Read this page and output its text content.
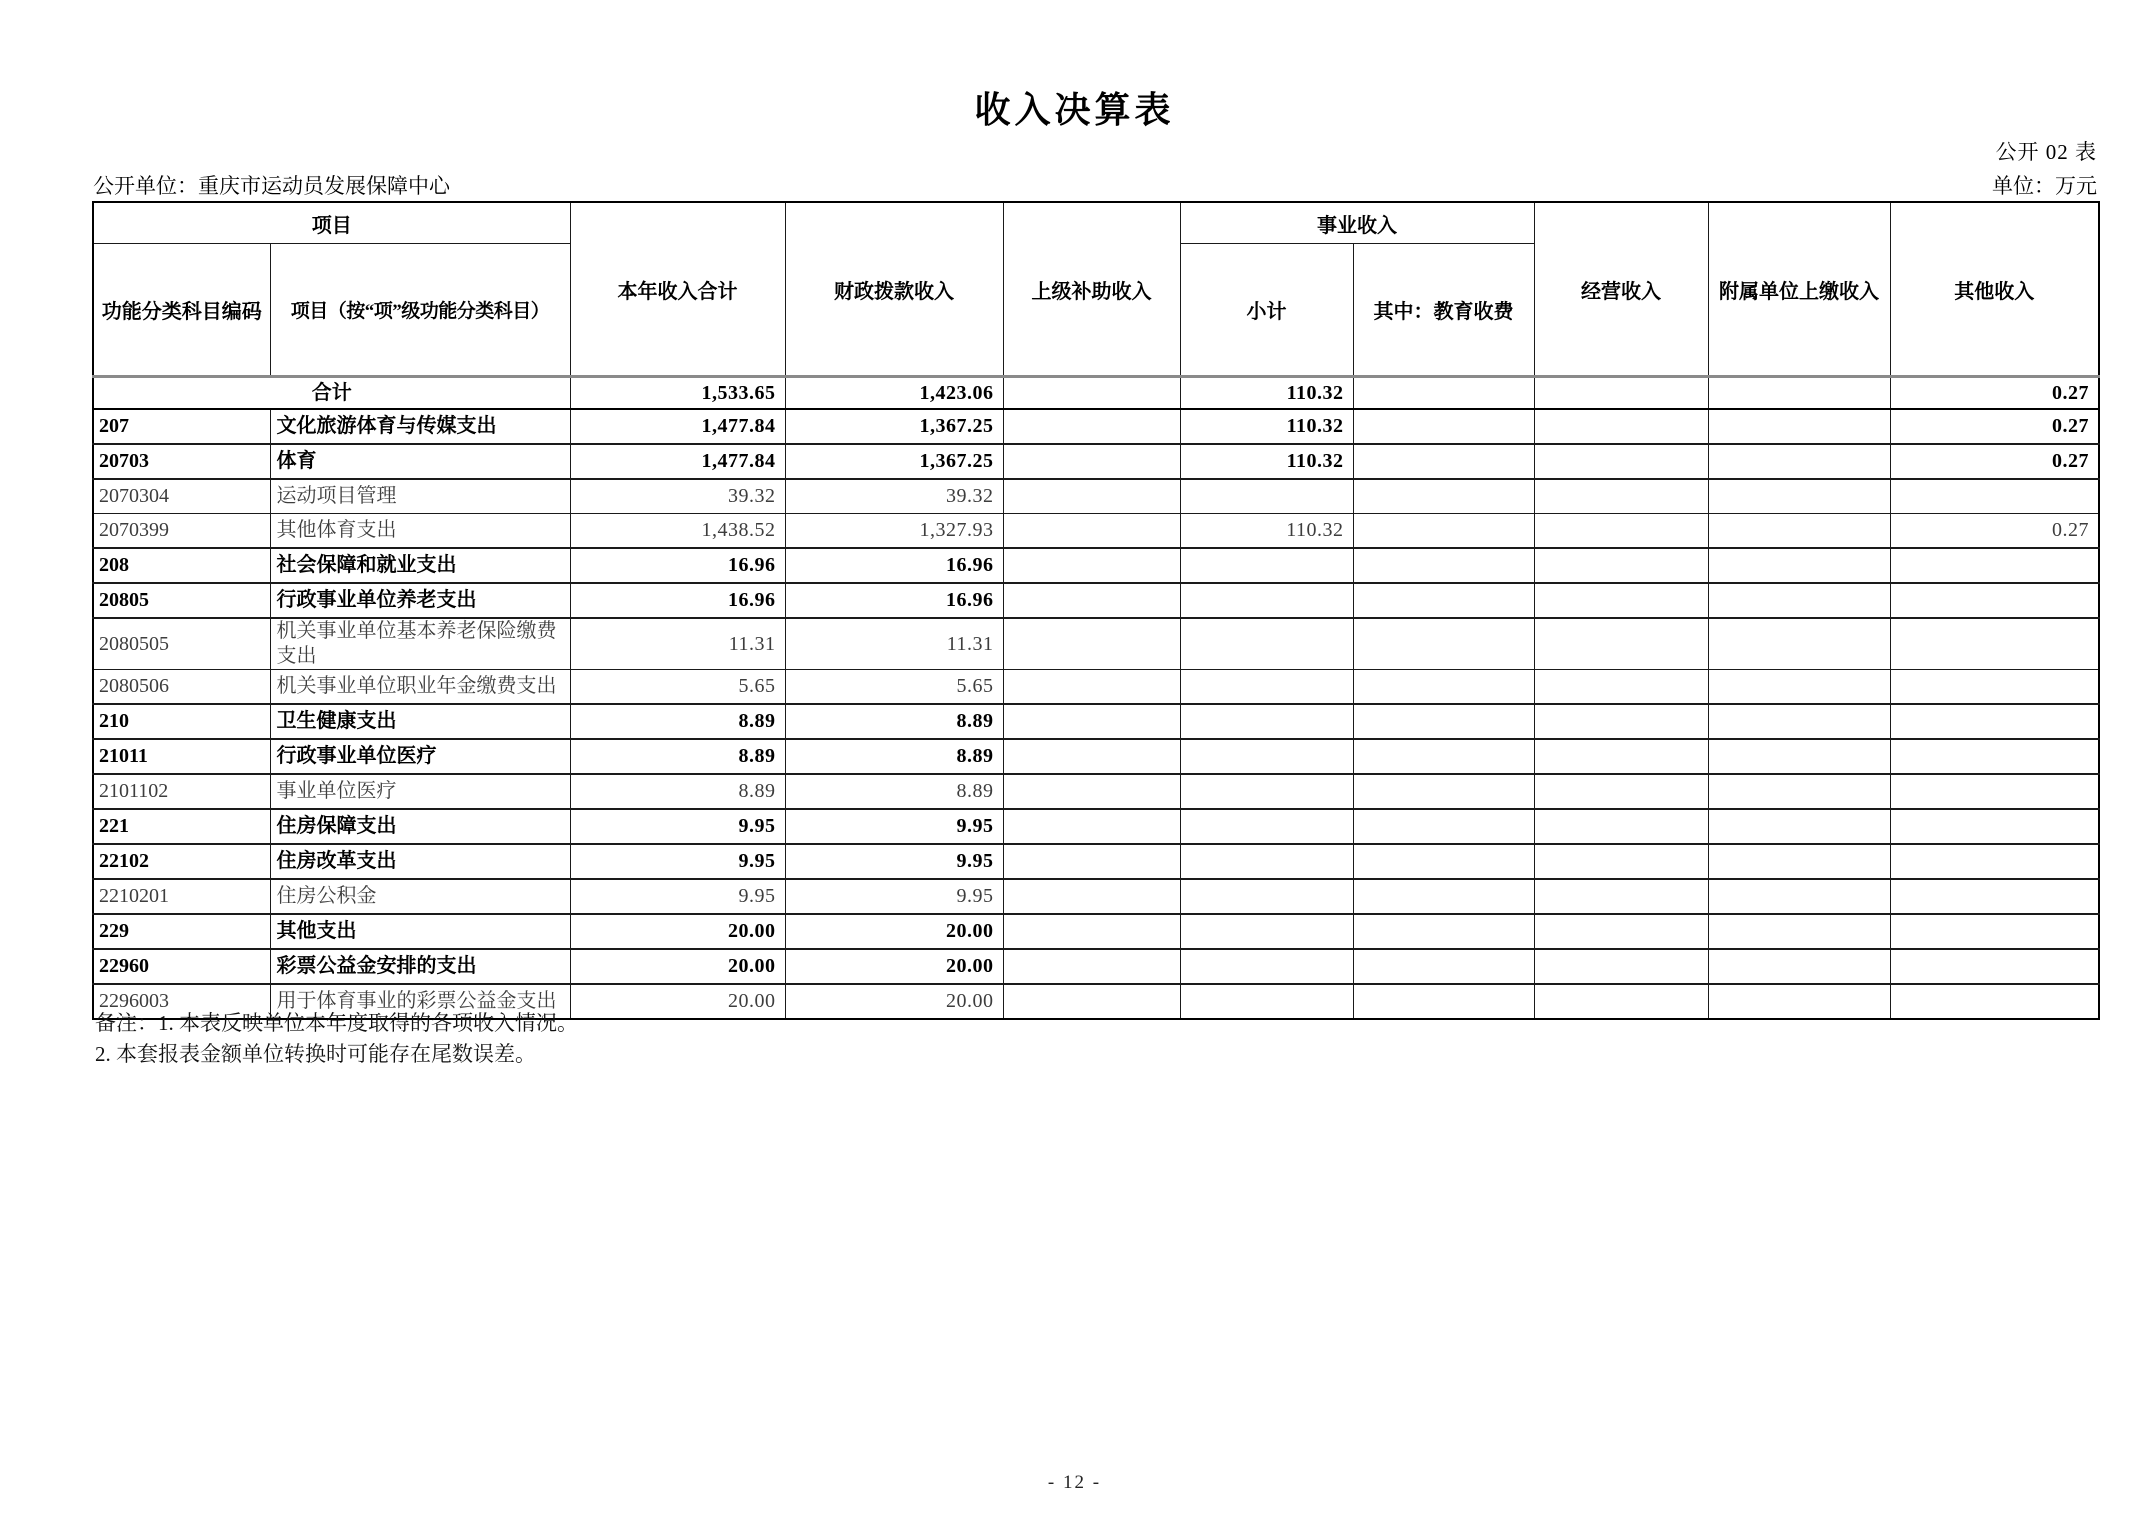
收入决算表
公开 02 表
公开单位：重庆市运动员发展保障中心	单位：万元
项目		本年收入合计	财政拨款收入	上级补助收入	事业收入		经营收入	附属单位上缴收入	其他收入
功能分类科目编码	项目（按“项”级功能分类科目）				小计	其中：教育收费			
合计		1,533.65	1,423.06		110.32				0.27
207	文化旅游体育与传媒支出	1,477.84	1,367.25		110.32				0.27
20703	体育	1,477.84	1,367.25		110.32				0.27
2070304	运动项目管理	39.32	39.32						
2070399	其他体育支出	1,438.52	1,327.93		110.32				0.27
208	社会保障和就业支出	16.96	16.96						
20805	行政事业单位养老支出	16.96	16.96						
2080505	机关事业单位基本养老保险缴费支出	11.31	11.31						
2080506	机关事业单位职业年金缴费支出	5.65	5.65						
210	卫生健康支出	8.89	8.89						
21011	行政事业单位医疗	8.89	8.89						
2101102	事业单位医疗	8.89	8.89						
221	住房保障支出	9.95	9.95						
22102	住房改革支出	9.95	9.95						
2210201	住房公积金	9.95	9.95						
229	其他支出	20.00	20.00						
22960	彩票公益金安排的支出	20.00	20.00						
2296003	用于体育事业的彩票公益金支出	20.00	20.00						
备注：1. 本表反映单位本年度取得的各项收入情况。
2. 本套报表金额单位转换时可能存在尾数误差。
- 12 -
